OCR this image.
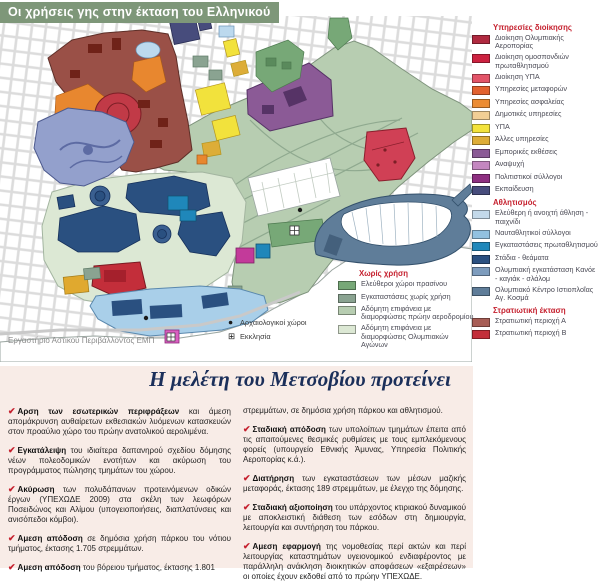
Οι χρήσεις γης στην έκταση του Ελληνικού
Υπηρεσίες διοίκησης
Διοίκηση Ολυμπιακής Αεροπορίας
Διοίκηση ομοσπονδιών πρωταθλητισμού
Διοίκηση ΥΠΑ
Υπηρεσίες μεταφορών
Υπηρεσίες ασφαλείας
Δημοτικές υπηρεσίες
ΥΠΑ
Άλλες υπηρεσίες
Εμπορικές εκθέσεις
Αναψυχή
Πολιτιστικοί σύλλογοι
Εκπαίδευση
Αθλητισμός
Ελεύθερη ή ανοιχτή άθληση - παιχνίδι
Ναυταθλητικοί σύλλογοι
Εγκαταστάσεις πρωταθλητισμού
Στάδια - θεάματα
Ολυμπιακή εγκατάσταση Κανόε - καγιάκ - σλάλομ
Ολυμπιακό Κέντρο Ιστιοπλοΐας Αγ. Κοσμά
Στρατιωτική έκταση
Στρατιωτική περιοχή Α
Στρατιωτική περιοχή Β
Χωρίς χρήση
Ελεύθεροι χώροι πρασίνου
Εγκαταστάσεις χωρίς χρήση
Αδόμητη επιφάνεια με διαμορφώσεις πρώην αεροδρομίου
Αδόμητη επιφάνεια με διαμορφώσεις Ολυμπιακών Αγώνων
● Αρχαιολογικοί χώροι
⊞ Εκκλησία
Εργαστήριο Αστικού Περιβάλλοντος ΕΜΠ
Η μελέτη του Μετσοβίου προτείνει

✔ Αρση των εσωτερικών περιφράξεων και άμεση απομάκρυνση αυθαίρετων εκθεσιακών λυόμενων κατασκευών στον προαύλιο χώρο του πρώην ανατολικού αερολιμένα.

✔ Εγκατάλειψη του ιδιαίτερα δαπανηρού σχεδίου δόμησης νέων πολεοδομικών ενοτήτων και ακύρωση του προγράμματος πώλησης τμημάτων του χώρου.

✔ Ακύρωση των πολυδάπανων προτεινόμενων οδικών έργων (ΥΠΕΧΩΔΕ 2009) στα σκέλη των λεωφόρων Ποσειδώνος και Αλίμου (υπογειοποιήσεις, διαπλατύνσεις και ανισόπεδοι κόμβοι).

✔ Αμεση απόδοση σε δημόσια χρήση πάρκου του νότιου τμήματος, έκτασης 1.705 στρεμμάτων.

✔ Αμεση απόδοση του βόρειου τμήματος, έκτασης 1.801

στρεμμάτων, σε δημόσια χρήση πάρκου και αθλητισμού.

✔ Σταδιακή απόδοση των υπολοίπων τμημάτων έπειτα από τις απαιτούμενες θεσμικές ρυθμίσεις με τους εμπλεκόμενους φορείς (υπουργείο Εθνικής Άμυνας, Υπηρεσία Πολιτικής Αεροπορίας κ.ά.).

✔ Διατήρηση των εγκαταστάσεων των μέσων μαζικής μεταφοράς, έκτασης 189 στρεμμάτων, με έλεγχο της δόμησης.

✔ Σταδιακή αξιοποίηση του υπάρχοντος κτιριακού δυναμικού με αποκλειστική διάθεση των εσόδων στη δημιουργία, λειτουργία και συντήρηση του πάρκου.

✔ Αμεση εφαρμογή της νομοθεσίας περί ακτών και περί λειτουργίας καταστημάτων υγειονομικού ενδιαφέροντος με παράλληλη ανάκληση διοικητικών αποφάσεων «εξαιρέσεων» οι οποίες έχουν εκδοθεί από το πρώην ΥΠΕΧΩΔΕ.
